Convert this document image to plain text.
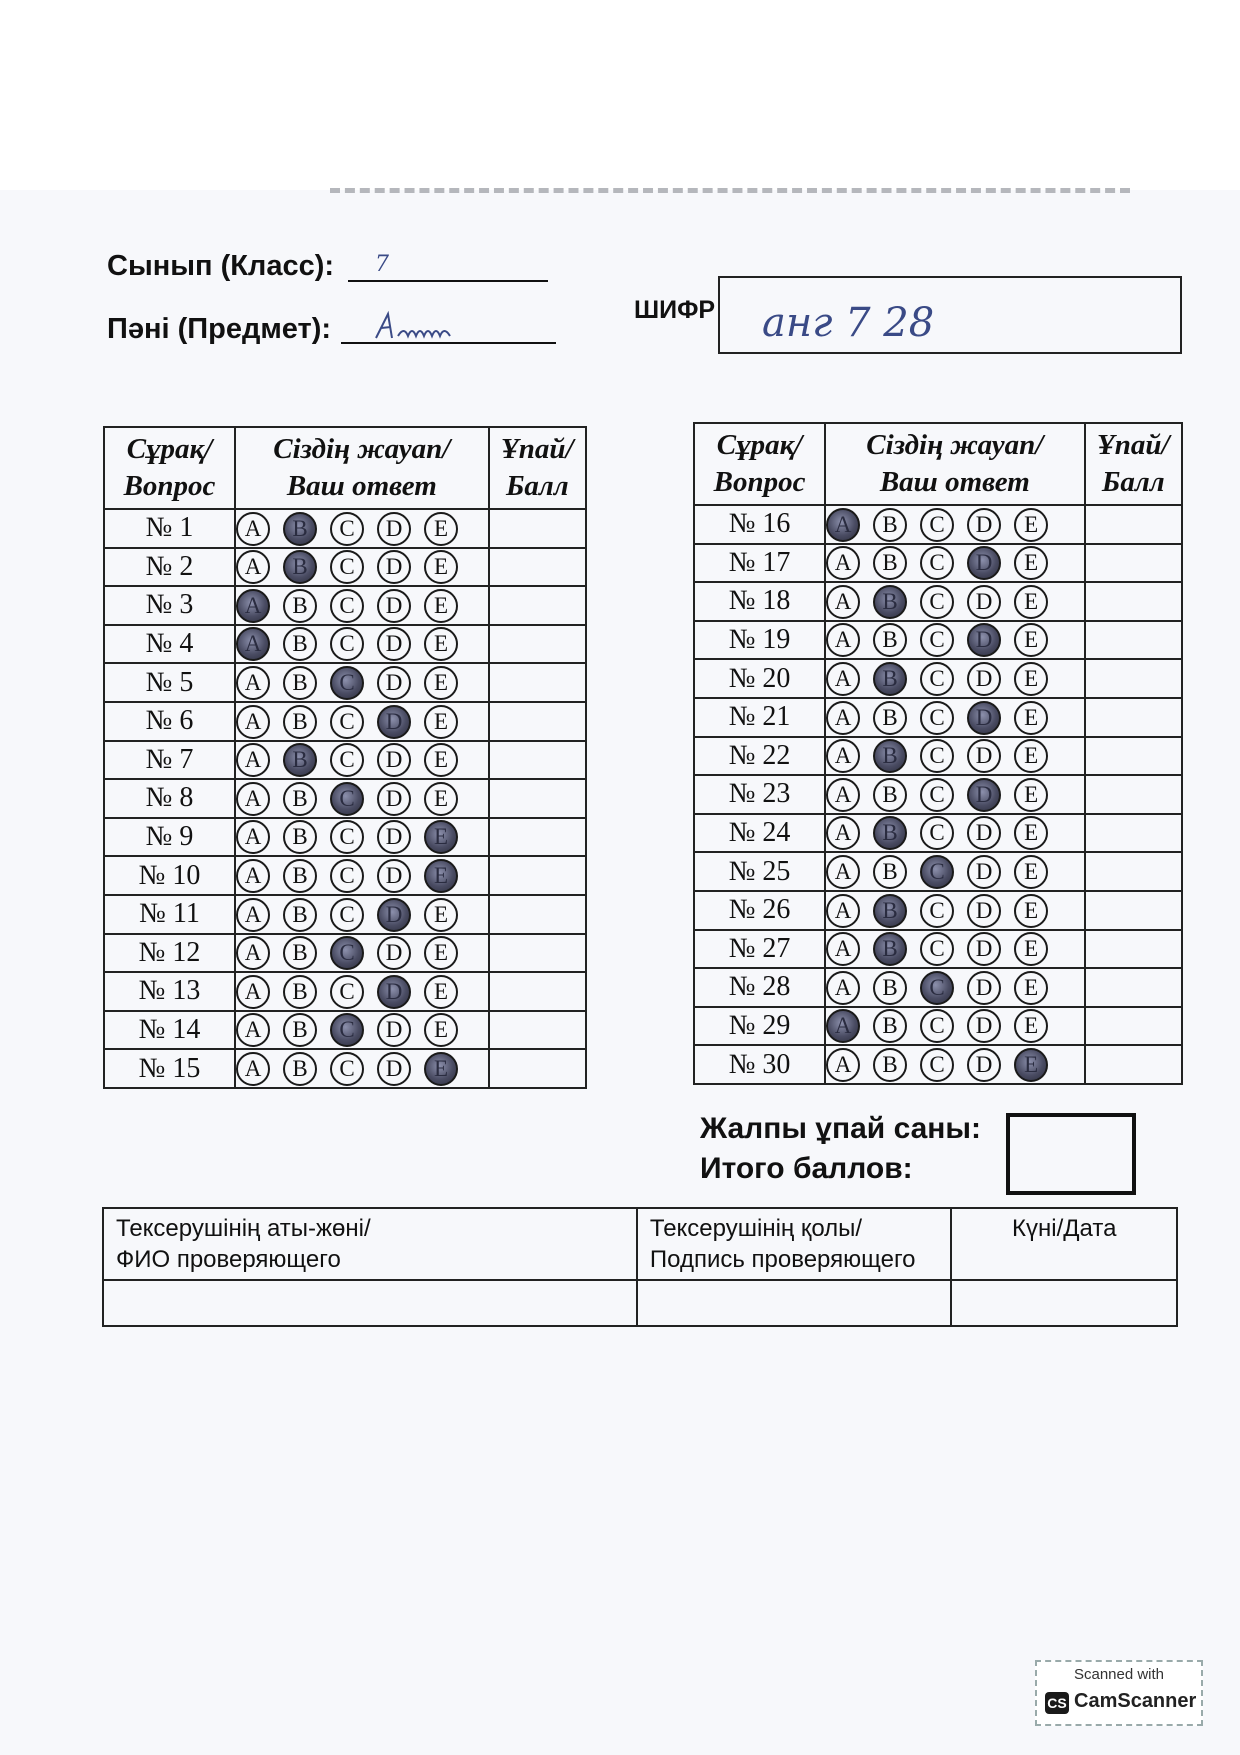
Сынып (Класс): 7
Пәні (Предмет):
ШИФР анг 7 28
Сұрақ/
Вопрос	Сіздің жауап/
Ваш ответ	Ұпай/
Балл
№ 1	A B C D E	
№ 2	A B C D E	
№ 3	A B C D E	
№ 4	A B C D E	
№ 5	A B C D E	
№ 6	A B C D E	
№ 7	A B C D E	
№ 8	A B C D E	
№ 9	A B C D E	
№ 10	A B C D E	
№ 11	A B C D E	
№ 12	A B C D E	
№ 13	A B C D E	
№ 14	A B C D E	
№ 15	A B C D E	
Сұрақ/
Вопрос	Сіздің жауап/
Ваш ответ	Ұпай/
Балл
№ 16	A B C D E	
№ 17	A B C D E	
№ 18	A B C D E	
№ 19	A B C D E	
№ 20	A B C D E	
№ 21	A B C D E	
№ 22	A B C D E	
№ 23	A B C D E	
№ 24	A B C D E	
№ 25	A B C D E	
№ 26	A B C D E	
№ 27	A B C D E	
№ 28	A B C D E	
№ 29	A B C D E	
№ 30	A B C D E	
Жалпы ұпай саны:
Итого баллов:
Тексерушінің аты-жөні/
ФИО проверяющего	Тексерушінің қолы/
Подпись проверяющего	Күні/Дата

Scanned with
CS CamScanner
